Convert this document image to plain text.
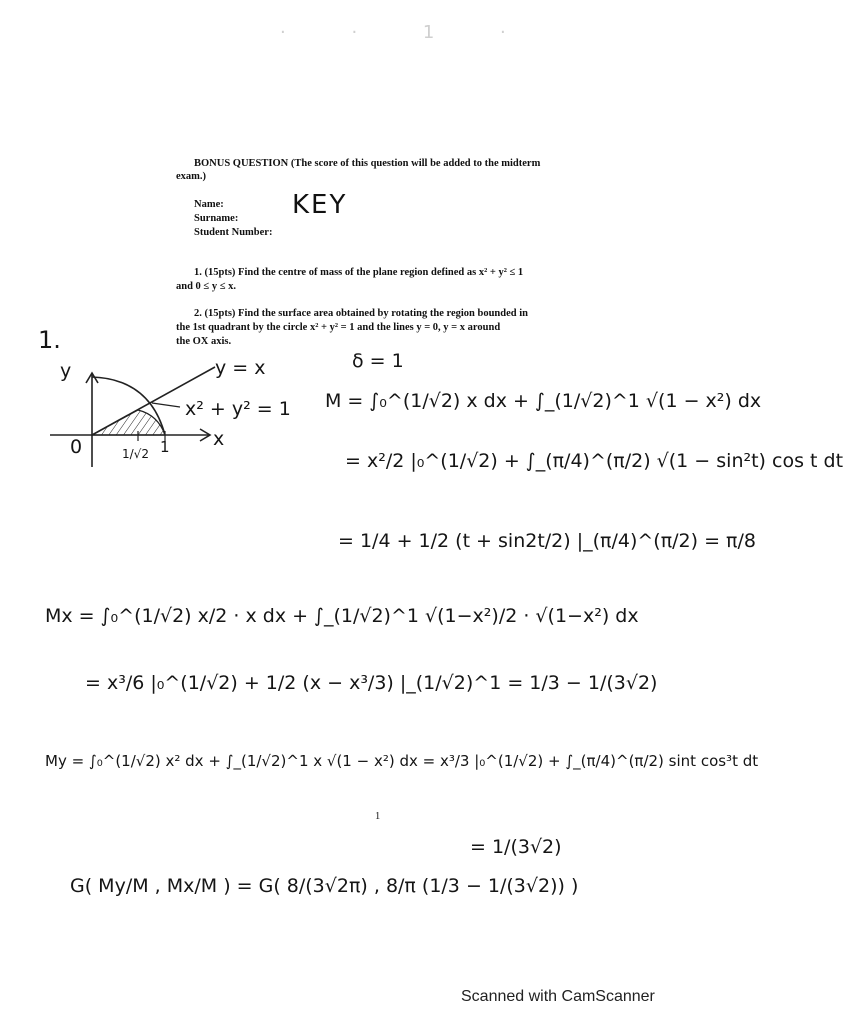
· · 1 ·
BONUS QUESTION (The score of this question will be added to the midterm
exam.)
Name:
Surname:
Student Number:
KEY
1. (15pts) Find the centre of mass of the plane region defined as x² + y² ≤ 1
and 0 ≤ y ≤ x.
2. (15pts) Find the surface area obtained by rotating the region bounded in
the 1st quadrant by the circle x² + y² = 1 and the lines y = 0, y = x around
the OX axis.
1.
y	y = x
x² + y² = 1
x
0	1/√2 1
δ = 1
M = ∫₀^(1/√2) x dx + ∫_(1/√2)^1 √(1 − x²) dx
= x²/2 |₀^(1/√2) + ∫_(π/4)^(π/2) √(1 − sin²t) cos t dt
= 1/4 + 1/2 (t + sin2t/2) |_(π/4)^(π/2) = π/8
Mx = ∫₀^(1/√2) x/2 · x dx + ∫_(1/√2)^1 √(1−x²)/2 · √(1−x²) dx
= x³/6 |₀^(1/√2) + 1/2 (x − x³/3) |_(1/√2)^1 = 1/3 − 1/(3√2)
My = ∫₀^(1/√2) x² dx + ∫_(1/√2)^1 x √(1 − x²) dx = x³/3 |₀^(1/√2) + ∫_(π/4)^(π/2) sint cos³t dt
= 1/(3√2)
G( My/M , Mx/M ) = G( 8/(3√2π) , 8/π (1/3 − 1/(3√2)) )
1
Scanned with CamScanner
